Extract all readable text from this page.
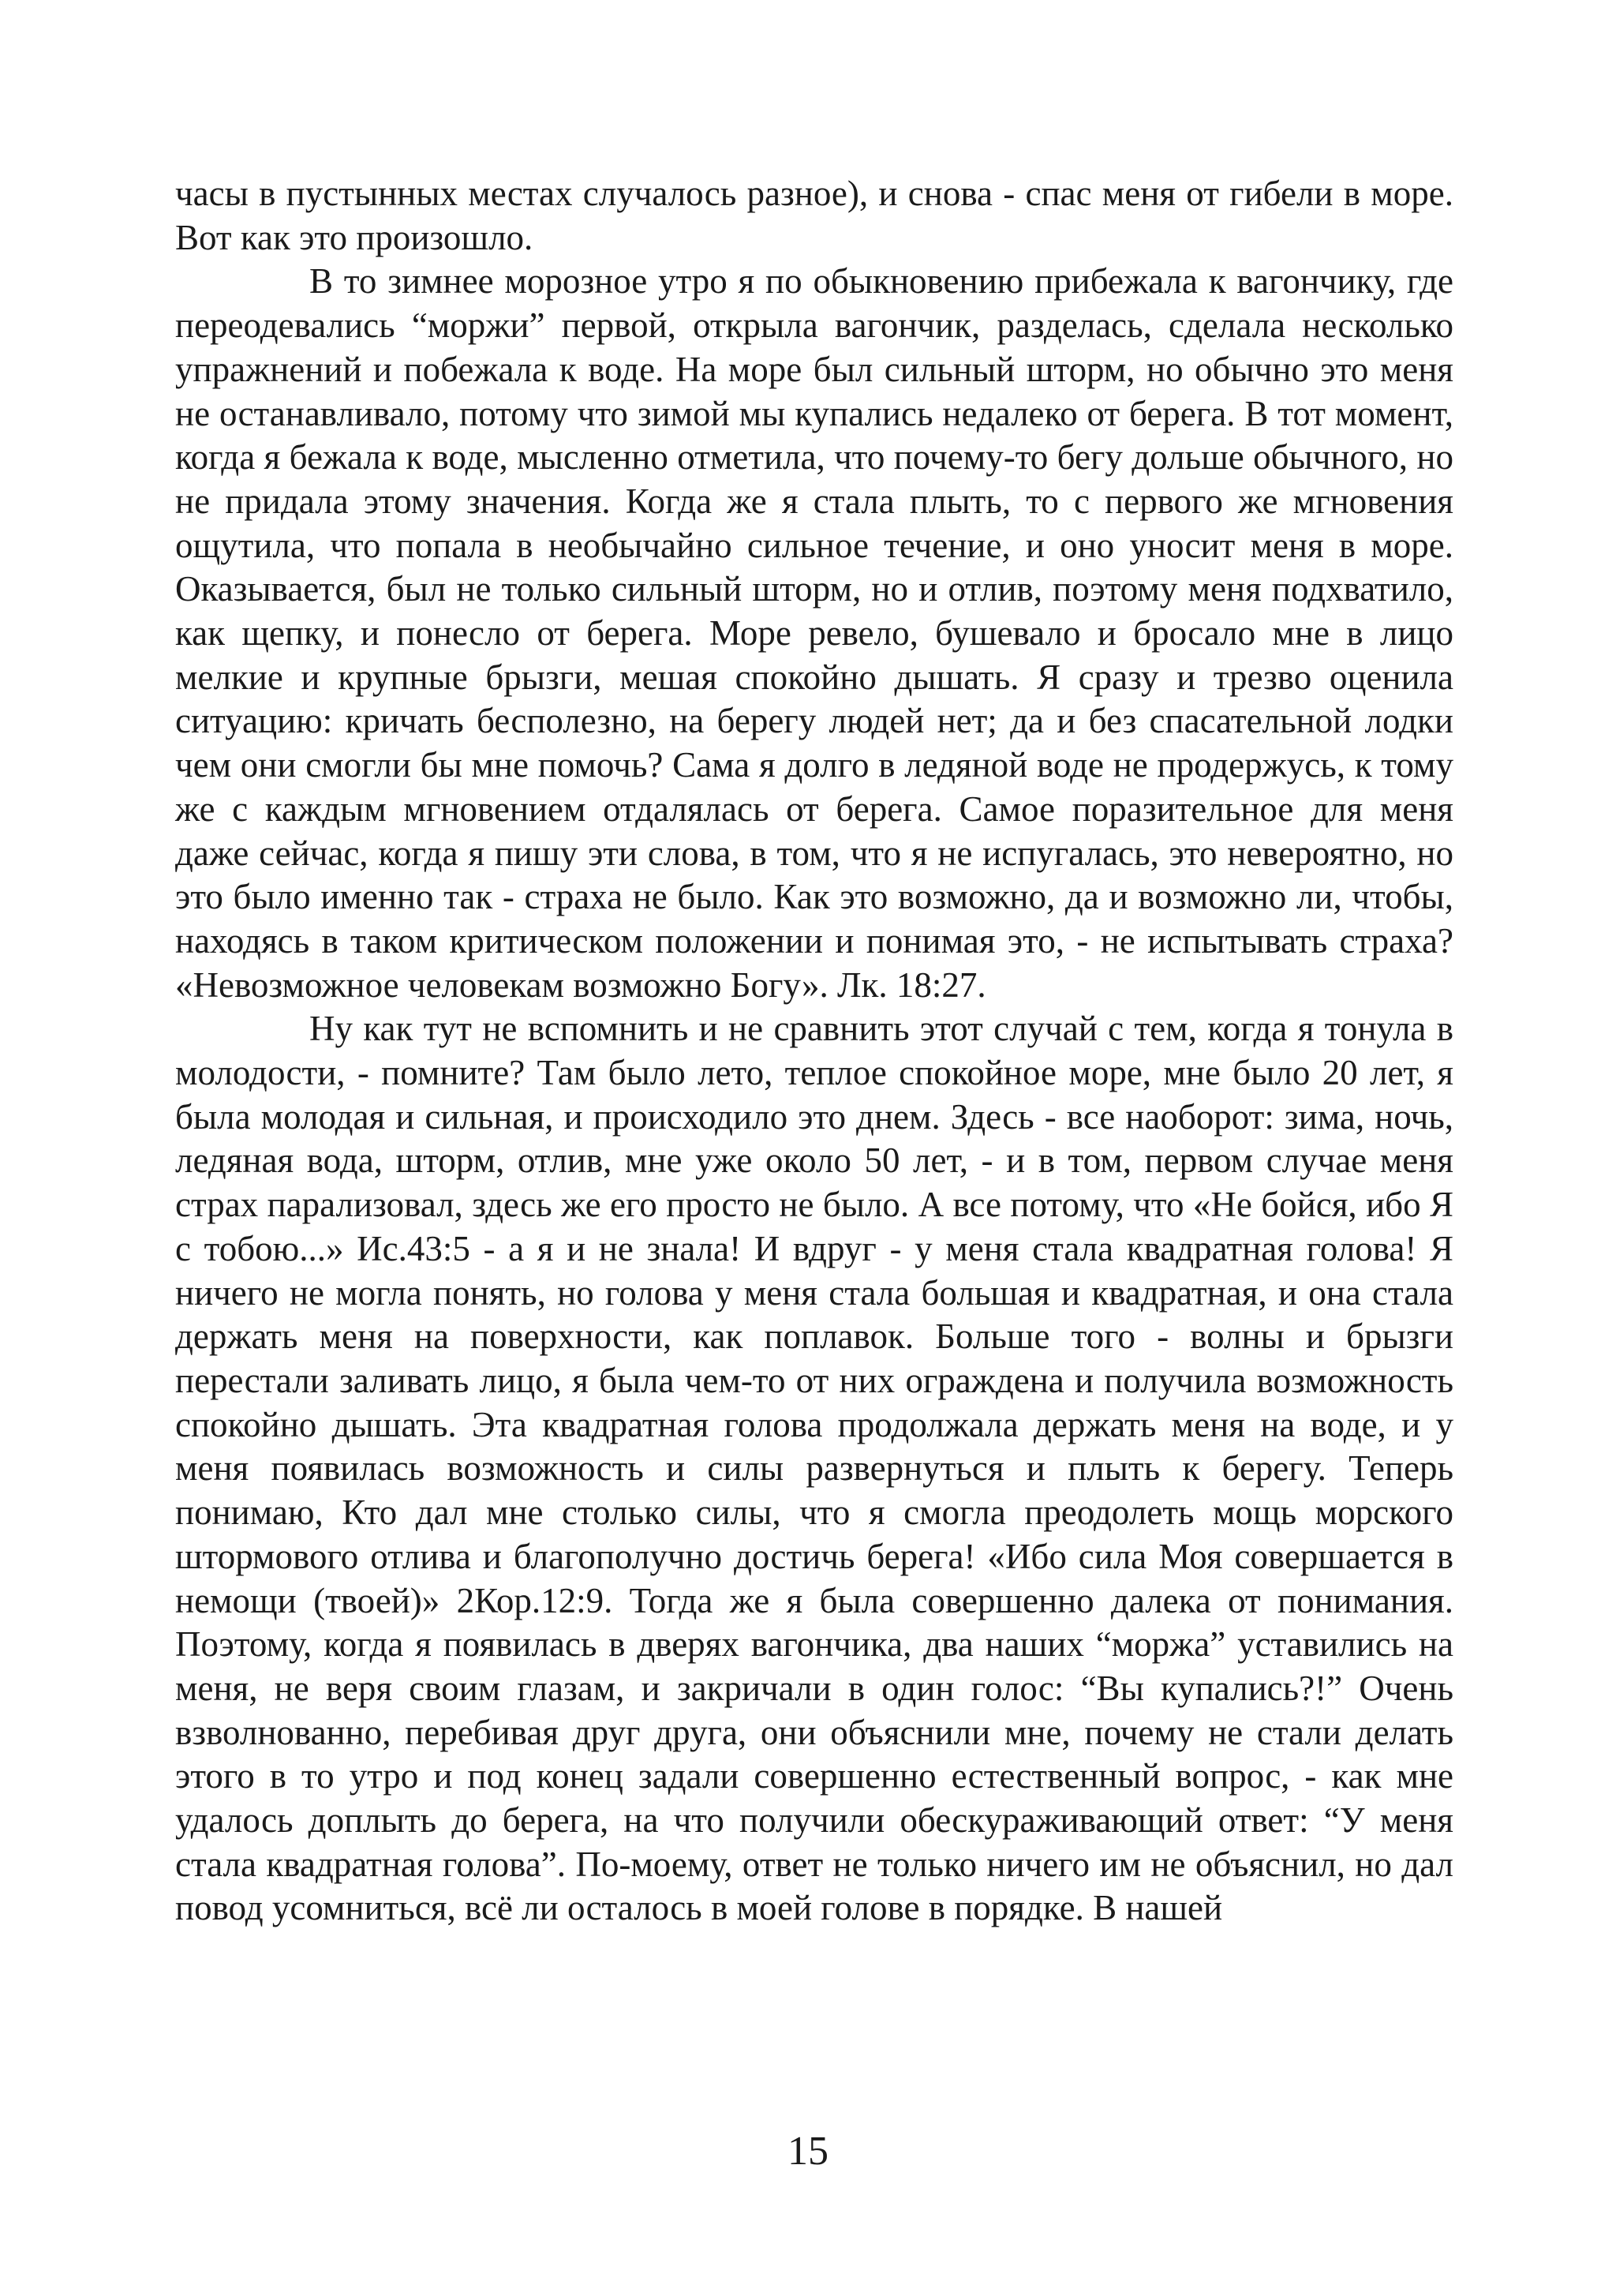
часы в пустынных местах случалось разное), и снова - спас меня от гибели в море. Вот как это произошло.

В то зимнее морозное утро я по обыкновению прибежала к вагончику, где переодевались “моржи” первой, открыла вагончик, разделась, сделала несколько упражнений и побежала к воде. На море был сильный шторм, но обычно это меня не останавливало, потому что зимой мы купались недалеко от берега. В тот момент, когда я бежала к воде, мысленно отметила, что почему-то бегу дольше обычного, но не придала этому значения. Когда же я стала плыть, то с первого же мгновения ощутила, что попала в необычайно сильное течение, и оно уносит меня в море. Оказывается, был не только сильный шторм, но и отлив, поэтому меня подхватило, как щепку, и понесло от берега. Море ревело, бушевало и бросало мне в лицо мелкие и крупные брызги, мешая спокойно дышать. Я сразу и трезво оценила ситуацию: кричать бесполезно, на берегу людей нет; да и без спасательной лодки чем они смогли бы мне помочь? Сама я долго в ледяной воде не продержусь, к тому же с каждым мгновением отдалялась от берега. Самое поразительное для меня даже сейчас, когда я пишу эти слова, в том, что я не испугалась, это невероятно, но это было именно так - страха не было. Как это возможно, да и возможно ли, чтобы, находясь в таком критическом положении и понимая это, - не испытывать страха? «Невозможное человекам возможно Богу». Лк. 18:27.

Ну как тут не вспомнить и не сравнить этот случай с тем, когда я тонула в молодости, - помните? Там было лето, теплое спокойное море, мне было 20 лет, я была молодая и сильная, и происходило это днем. Здесь - все наоборот: зима, ночь, ледяная вода, шторм, отлив, мне уже около 50 лет, - и в том, первом случае меня страх парализовал, здесь же его просто не было. А все потому, что «Не бойся, ибо Я с тобою...» Ис.43:5 - а я и не знала! И вдруг - у меня стала квадратная голова! Я ничего не могла понять, но голова у меня стала большая и квадратная, и она стала держать меня на поверхности, как поплавок. Больше того - волны и брызги перестали заливать лицо, я была чем-то от них ограждена и получила возможность спокойно дышать. Эта квадратная голова продолжала держать меня на воде, и у меня появилась возможность и силы развернуться и плыть к берегу. Теперь понимаю, Кто дал мне столько силы, что я смогла преодолеть мощь морского штормового отлива и благополучно достичь берега! «Ибо сила Моя совершается в немощи (твоей)» 2Кор.12:9. Тогда же я была совершенно далека от понимания. Поэтому, когда я появилась в дверях вагончика, два наших “моржа” уставились на меня, не веря своим глазам, и закричали в один голос: “Вы купались?!” Очень взволнованно, перебивая друг друга, они объяснили мне, почему не стали делать этого в то утро и под конец задали совершенно естественный вопрос, - как мне удалось доплыть до берега, на что получили обескураживающий ответ: “У меня стала квадратная голова”. По-моему, ответ не только ничего им не объяснил, но дал повод усомниться, всё ли осталось в моей голове в порядке. В нашей

15
